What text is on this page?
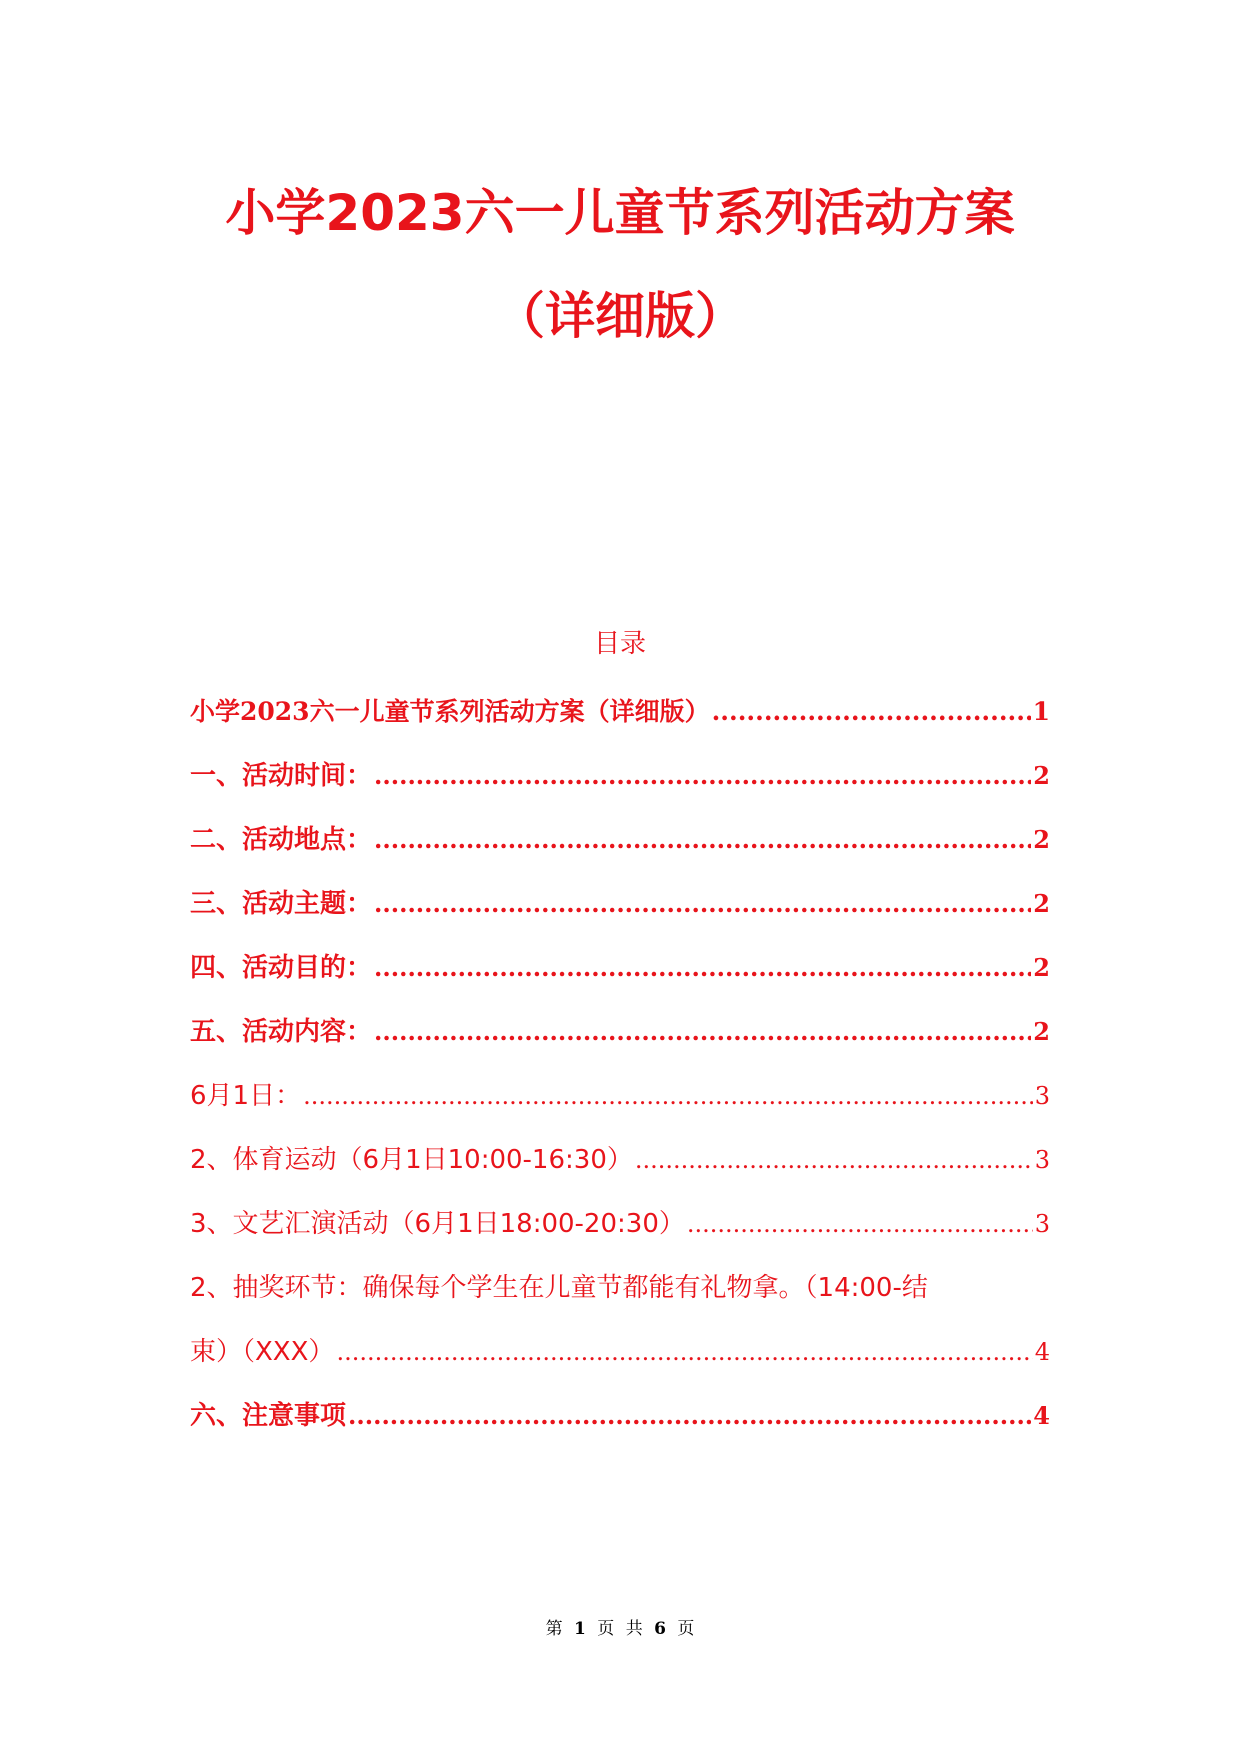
小学2023六一儿童节系列活动方案
（详细版）
目录
小学2023六一儿童节系列活动方案（详细版） .....	1
一、活动时间： .....	2
二、活动地点： .....	2
三、活动主题： .....	2
四、活动目的： .....	2
五、活动内容： .....	2
6月1日： .....	3
2、体育运动（6月1日10:00-16:30） .....	3
3、文艺汇演活动（6月1日18:00-20:30） .....	3
2、抽奖环节：确保每个学生在儿童节都能有礼物拿。（14:00-结
束）（XXX） .....	4
六、注意事项 .....	4
第 1 页 共 6 页
